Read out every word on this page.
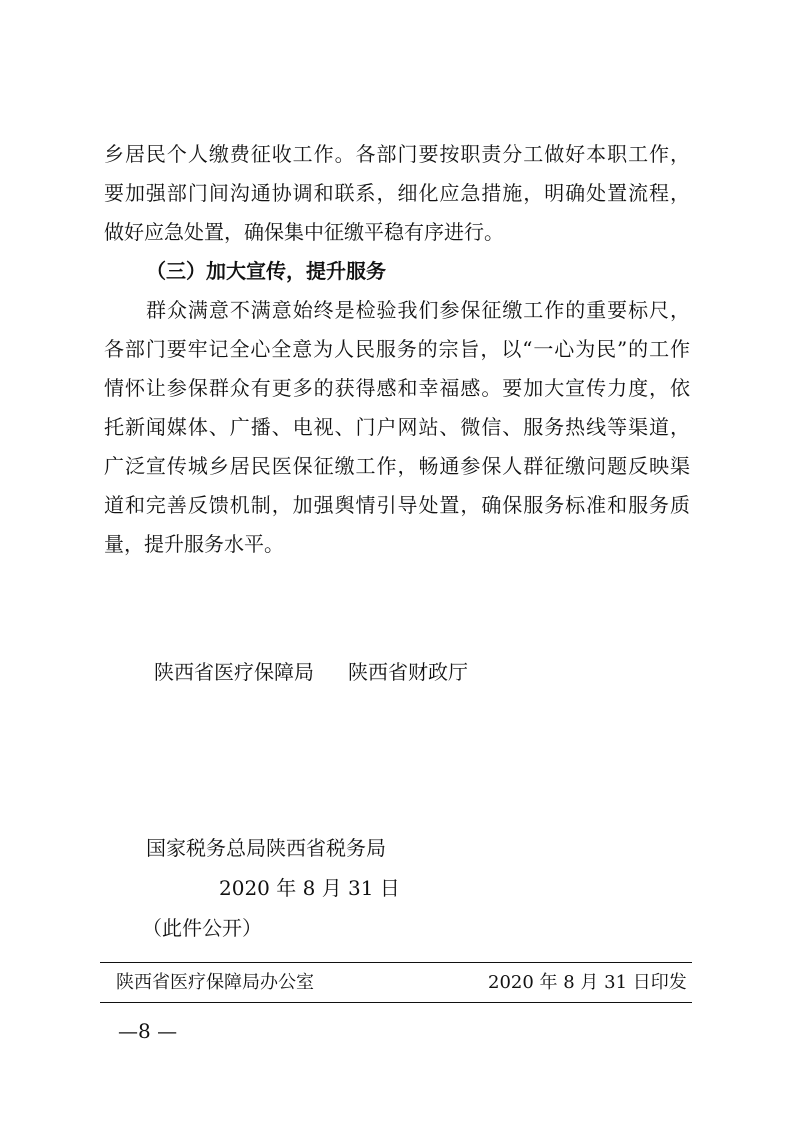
乡居民个人缴费征收工作。各部门要按职责分工做好本职工作，
要加强部门间沟通协调和联系，细化应急措施，明确处置流程，
做好应急处置，确保集中征缴平稳有序进行。
（三）加大宣传，提升服务
群众满意不满意始终是检验我们参保征缴工作的重要标尺，
各部门要牢记全心全意为人民服务的宗旨，以“一心为民”的工作
情怀让参保群众有更多的获得感和幸福感。要加大宣传力度，依
托新闻媒体、广播、电视、门户网站、微信、服务热线等渠道，
广泛宣传城乡居民医保征缴工作，畅通参保人群征缴问题反映渠
道和完善反馈机制，加强舆情引导处置，确保服务标准和服务质
量，提升服务水平。
陕西省医疗保障局 陕西省财政厅
国家税务总局陕西省税务局
2020 年 8 月 31 日
（此件公开）
陕西省医疗保障局办公室	2020 年 8 月 31 日印发
—8 —
